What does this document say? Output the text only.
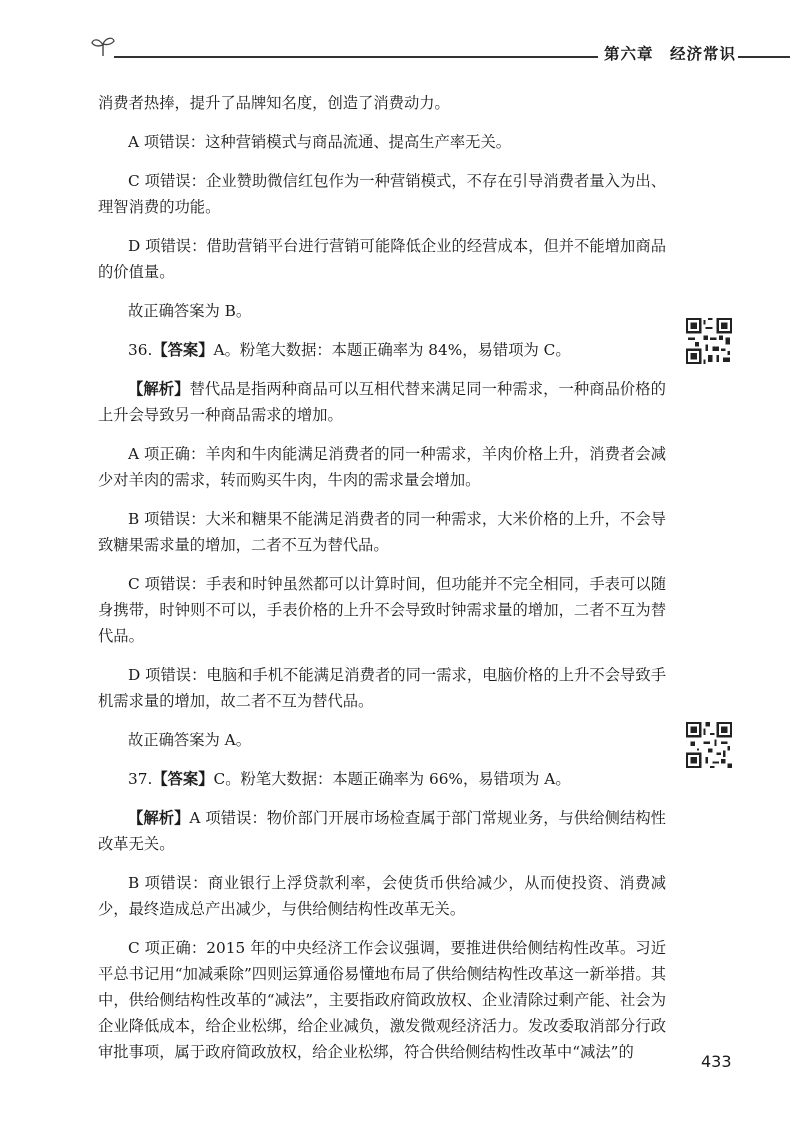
第六章　经济常识

消费者热捧，提升了品牌知名度，创造了消费动力。

A 项错误：这种营销模式与商品流通、提高生产率无关。

C 项错误：企业赞助微信红包作为一种营销模式，不存在引导消费者量入为出、理智消费的功能。

D 项错误：借助营销平台进行营销可能降低企业的经营成本，但并不能增加商品的价值量。

故正确答案为 B。

36.【答案】A。粉笔大数据：本题正确率为 84%，易错项为 C。

【解析】替代品是指两种商品可以互相代替来满足同一种需求，一种商品价格的上升会导致另一种商品需求的增加。

A 项正确：羊肉和牛肉能满足消费者的同一种需求，羊肉价格上升，消费者会减少对羊肉的需求，转而购买牛肉，牛肉的需求量会增加。

B 项错误：大米和糖果不能满足消费者的同一种需求，大米价格的上升，不会导致糖果需求量的增加，二者不互为替代品。

C 项错误：手表和时钟虽然都可以计算时间，但功能并不完全相同，手表可以随身携带，时钟则不可以，手表价格的上升不会导致时钟需求量的增加，二者不互为替代品。

D 项错误：电脑和手机不能满足消费者的同一需求，电脑价格的上升不会导致手机需求量的增加，故二者不互为替代品。

故正确答案为 A。

37.【答案】C。粉笔大数据：本题正确率为 66%，易错项为 A。

【解析】A 项错误：物价部门开展市场检查属于部门常规业务，与供给侧结构性改革无关。

B 项错误：商业银行上浮贷款利率，会使货币供给减少，从而使投资、消费减少，最终造成总产出减少，与供给侧结构性改革无关。

C 项正确：2015 年的中央经济工作会议强调，要推进供给侧结构性改革。习近平总书记用“加减乘除”四则运算通俗易懂地布局了供给侧结构性改革这一新举措。其中，供给侧结构性改革的“减法”，主要指政府简政放权、企业清除过剩产能、社会为企业降低成本，给企业松绑，给企业减负，激发微观经济活力。发改委取消部分行政审批事项，属于政府简政放权，给企业松绑，符合供给侧结构性改革中“减法”的	433
